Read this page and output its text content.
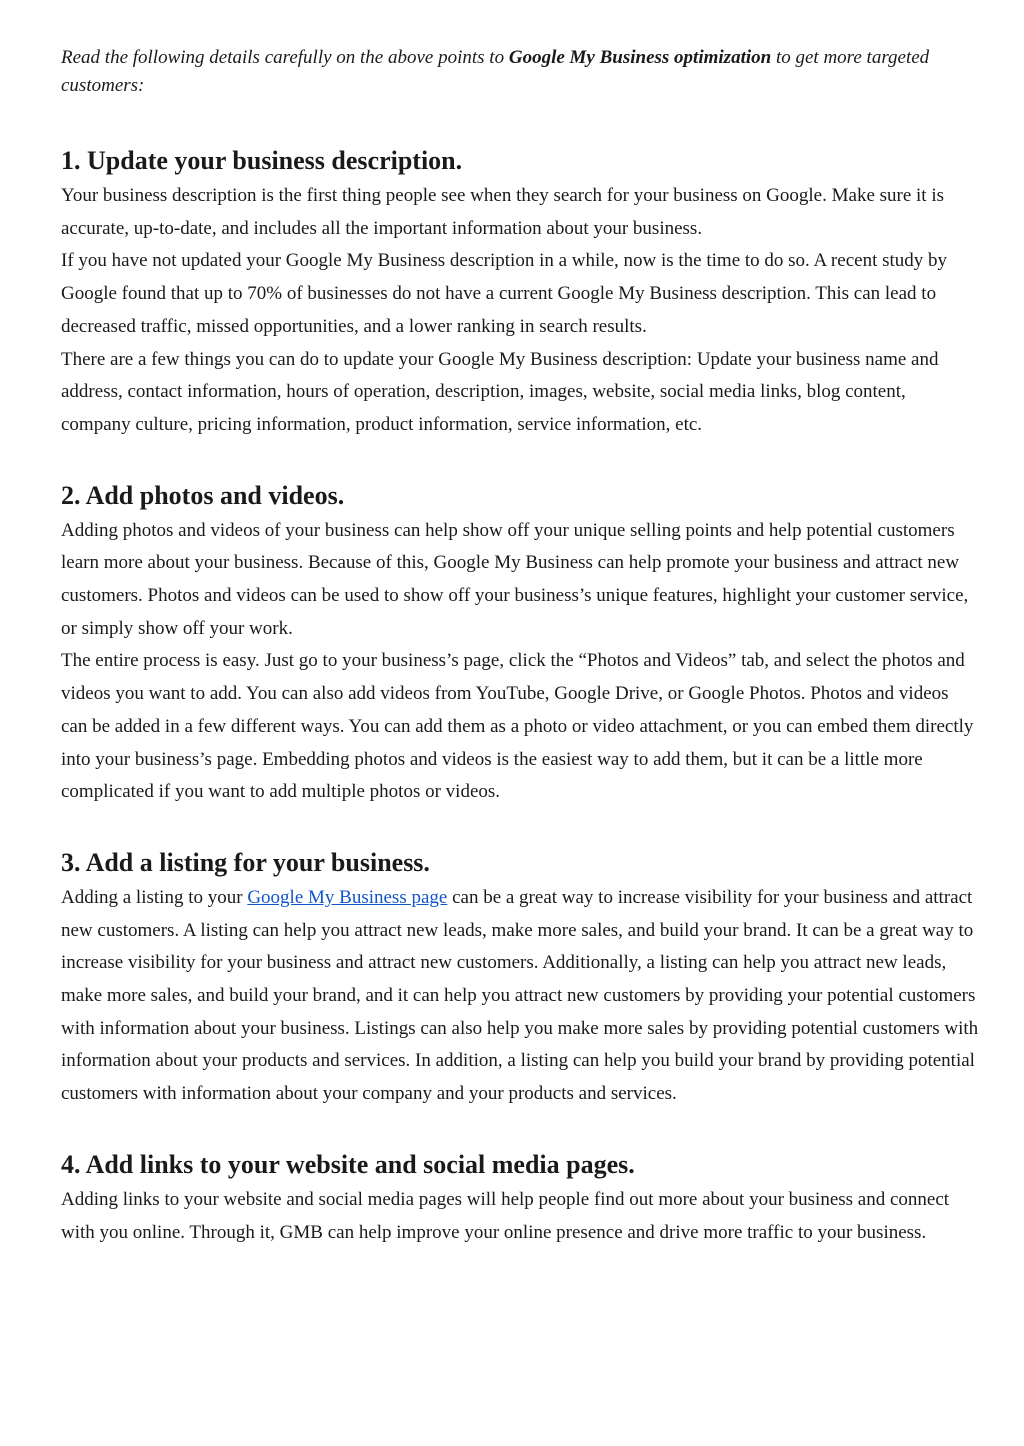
Read the following details carefully on the above points to Google My Business optimization to get more targeted customers:

1. Update your business description.

Your business description is the first thing people see when they search for your business on Google. Make sure it is accurate, up-to-date, and includes all the important information about your business.

If you have not updated your Google My Business description in a while, now is the time to do so. A recent study by Google found that up to 70% of businesses do not have a current Google My Business description. This can lead to decreased traffic, missed opportunities, and a lower ranking in search results.

There are a few things you can do to update your Google My Business description: Update your business name and address, contact information, hours of operation, description, images, website, social media links, blog content, company culture, pricing information, product information, service information, etc.

2. Add photos and videos.

Adding photos and videos of your business can help show off your unique selling points and help potential customers learn more about your business. Because of this, Google My Business can help promote your business and attract new customers. Photos and videos can be used to show off your business’s unique features, highlight your customer service, or simply show off your work.

The entire process is easy. Just go to your business’s page, click the “Photos and Videos” tab, and select the photos and videos you want to add. You can also add videos from YouTube, Google Drive, or Google Photos. Photos and videos can be added in a few different ways. You can add them as a photo or video attachment, or you can embed them directly into your business’s page. Embedding photos and videos is the easiest way to add them, but it can be a little more complicated if you want to add multiple photos or videos.

3. Add a listing for your business.

Adding a listing to your Google My Business page can be a great way to increase visibility for your business and attract new customers. A listing can help you attract new leads, make more sales, and build your brand. It can be a great way to increase visibility for your business and attract new customers. Additionally, a listing can help you attract new leads, make more sales, and build your brand, and it can help you attract new customers by providing your potential customers with information about your business. Listings can also help you make more sales by providing potential customers with information about your products and services. In addition, a listing can help you build your brand by providing potential customers with information about your company and your products and services.

4. Add links to your website and social media pages.

Adding links to your website and social media pages will help people find out more about your business and connect with you online. Through it, GMB can help improve your online presence and drive more traffic to your business.
